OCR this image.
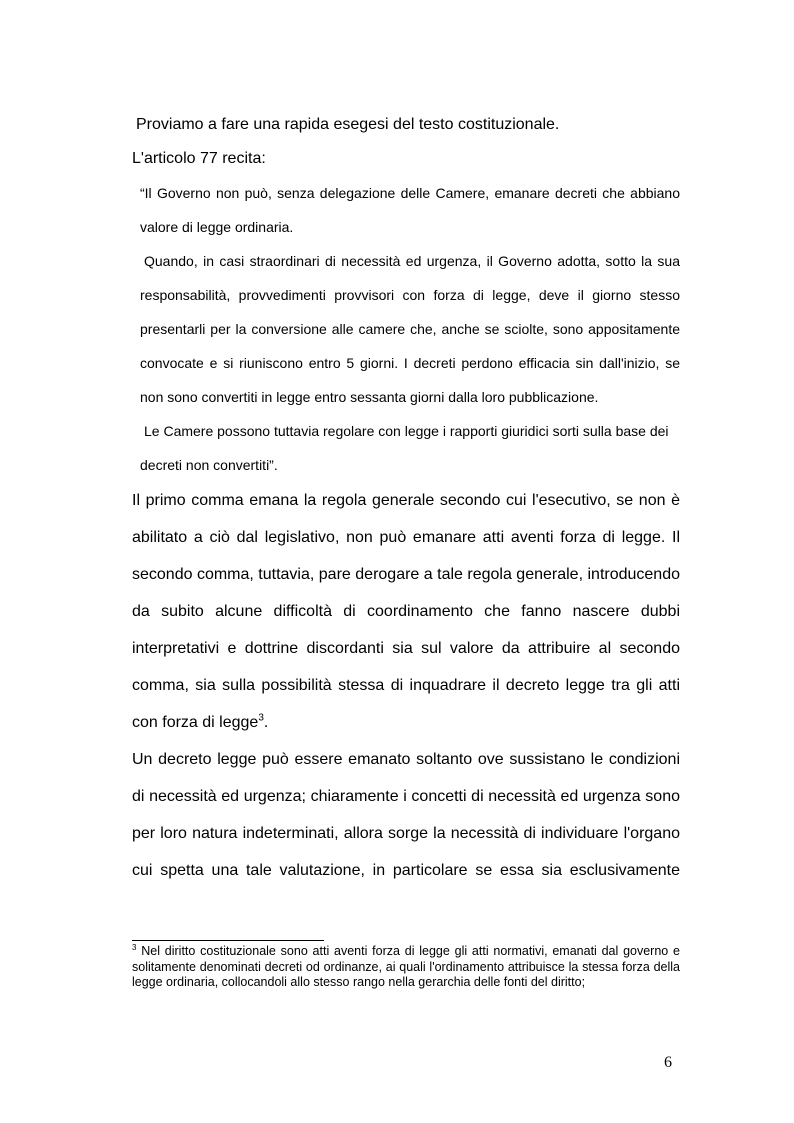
Proviamo a fare una rapida esegesi del testo costituzionale.

L'articolo 77 recita:

“Il Governo non può, senza delegazione delle Camere, emanare decreti che abbiano valore di legge ordinaria.

Quando, in casi straordinari di necessità ed urgenza, il Governo adotta, sotto la sua responsabilità, provvedimenti provvisori con forza di legge, deve il giorno stesso presentarli per la conversione alle camere che, anche se sciolte, sono appositamente convocate e si riuniscono entro 5 giorni. I decreti perdono efficacia sin dall'inizio, se non sono convertiti in legge entro sessanta giorni dalla loro pubblicazione.

Le Camere possono tuttavia regolare con legge i rapporti giuridici sorti sulla base dei decreti non convertiti”.

Il primo comma emana la regola generale secondo cui l'esecutivo, se non è abilitato a ciò dal legislativo, non può emanare atti aventi forza di legge. Il secondo comma, tuttavia, pare derogare a tale regola generale, introducendo da subito alcune difficoltà di coordinamento che fanno nascere dubbi interpretativi e dottrine discordanti sia sul valore da attribuire al secondo comma, sia sulla possibilità stessa di inquadrare il decreto legge tra gli atti con forza di legge$^3$.

Un decreto legge può essere emanato soltanto ove sussistano le condizioni di necessità ed urgenza; chiaramente i concetti di necessità ed urgenza sono per loro natura indeterminati, allora sorge la necessità di individuare l'organo cui spetta una tale valutazione, in particolare se essa sia esclusivamente

$^3$ Nel diritto costituzionale sono atti aventi forza di legge gli atti normativi, emanati dal governo e solitamente denominati decreti od ordinanze, ai quali l'ordinamento attribuisce la stessa forza della legge ordinaria, collocandoli allo stesso rango nella gerarchia delle fonti del diritto;

6
